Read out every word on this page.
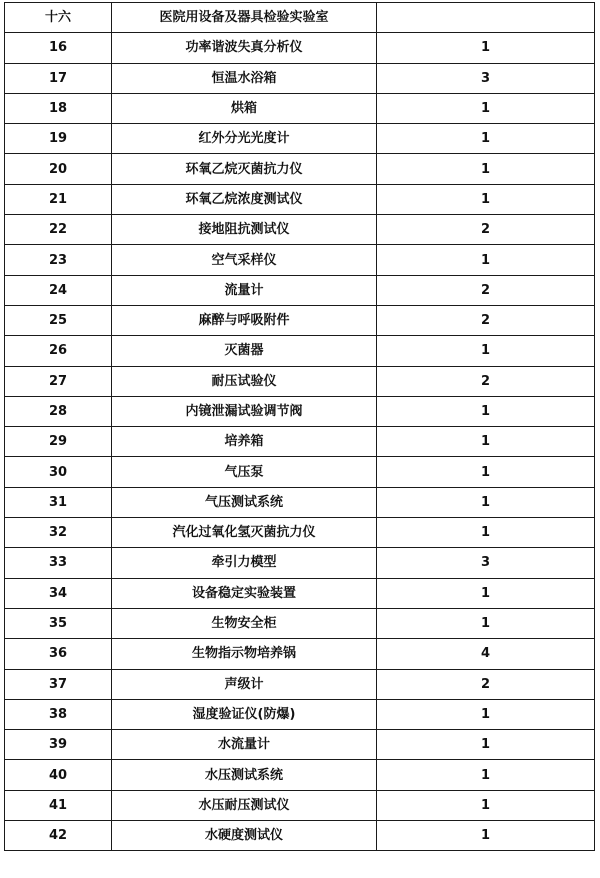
十六	医院用设备及器具检验实验室	
16	功率谐波失真分析仪	1
17	恒温水浴箱	3
18	烘箱	1
19	红外分光光度计	1
20	环氧乙烷灭菌抗力仪	1
21	环氧乙烷浓度测试仪	1
22	接地阻抗测试仪	2
23	空气采样仪	1
24	流量计	2
25	麻醉与呼吸附件	2
26	灭菌器	1
27	耐压试验仪	2
28	内镜泄漏试验调节阀	1
29	培养箱	1
30	气压泵	1
31	气压测试系统	1
32	汽化过氧化氢灭菌抗力仪	1
33	牵引力模型	3
34	设备稳定实验装置	1
35	生物安全柜	1
36	生物指示物培养锅	4
37	声级计	2
38	湿度验证仪(防爆)	1
39	水流量计	1
40	水压测试系统	1
41	水压耐压测试仪	1
42	水硬度测试仪	1
